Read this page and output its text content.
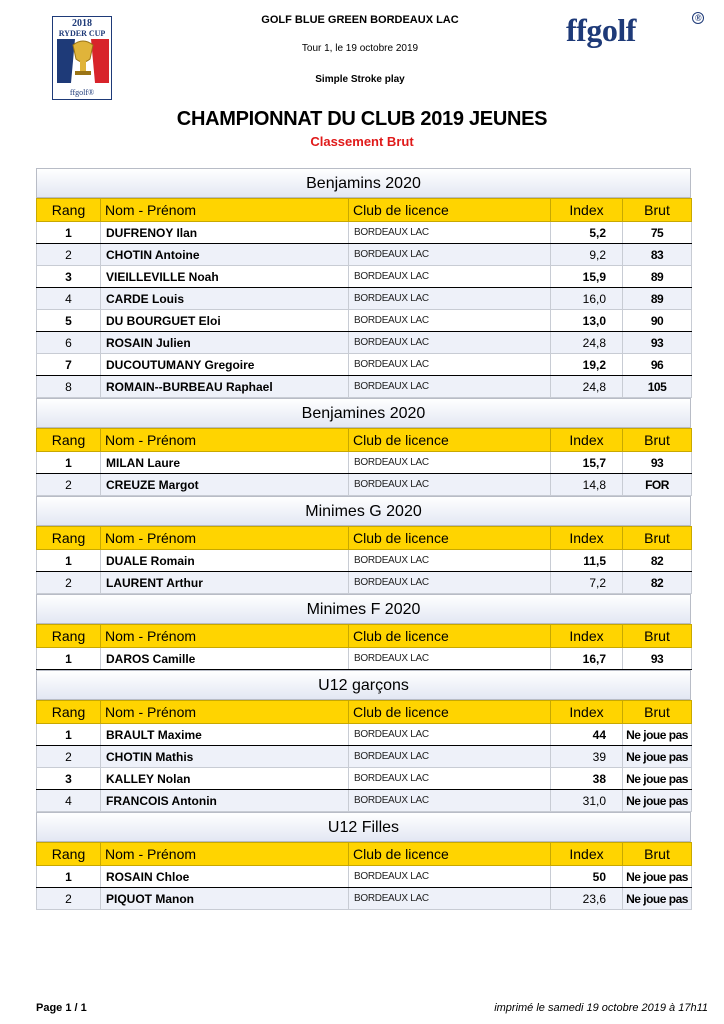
2018
RYDER CUP
ffgolf®
GOLF BLUE GREEN BORDEAUX LAC
Tour 1, le 19 octobre 2019
Simple Stroke play
ffgolf	®
CHAMPIONNAT DU CLUB 2019 JEUNES
Classement Brut
Benjamins 2020
Rang	Nom - Prénom	Club de licence	Index	Brut
1	DUFRENOY Ilan	BORDEAUX LAC	5,2	75
2	CHOTIN Antoine	BORDEAUX LAC	9,2	83
3	VIEILLEVILLE Noah	BORDEAUX LAC	15,9	89
4	CARDE Louis	BORDEAUX LAC	16,0	89
5	DU BOURGUET Eloi	BORDEAUX LAC	13,0	90
6	ROSAIN Julien	BORDEAUX LAC	24,8	93
7	DUCOUTUMANY Gregoire	BORDEAUX LAC	19,2	96
8	ROMAIN--BURBEAU Raphael	BORDEAUX LAC	24,8	105
Benjamines 2020
Rang	Nom - Prénom	Club de licence	Index	Brut
1	MILAN Laure	BORDEAUX LAC	15,7	93
2	CREUZE Margot	BORDEAUX LAC	14,8	FOR
Minimes G 2020
Rang	Nom - Prénom	Club de licence	Index	Brut
1	DUALE Romain	BORDEAUX LAC	11,5	82
2	LAURENT Arthur	BORDEAUX LAC	7,2	82
Minimes F 2020
Rang	Nom - Prénom	Club de licence	Index	Brut
1	DAROS Camille	BORDEAUX LAC	16,7	93
U12 garçons
Rang	Nom - Prénom	Club de licence	Index	Brut
1	BRAULT Maxime	BORDEAUX LAC	44	Ne joue pas
2	CHOTIN Mathis	BORDEAUX LAC	39	Ne joue pas
3	KALLEY Nolan	BORDEAUX LAC	38	Ne joue pas
4	FRANCOIS Antonin	BORDEAUX LAC	31,0	Ne joue pas
U12 Filles
Rang	Nom - Prénom	Club de licence	Index	Brut
1	ROSAIN Chloe	BORDEAUX LAC	50	Ne joue pas
2	PIQUOT Manon	BORDEAUX LAC	23,6	Ne joue pas
Page 1 / 1	imprimé le samedi 19 octobre 2019 à 17h11
